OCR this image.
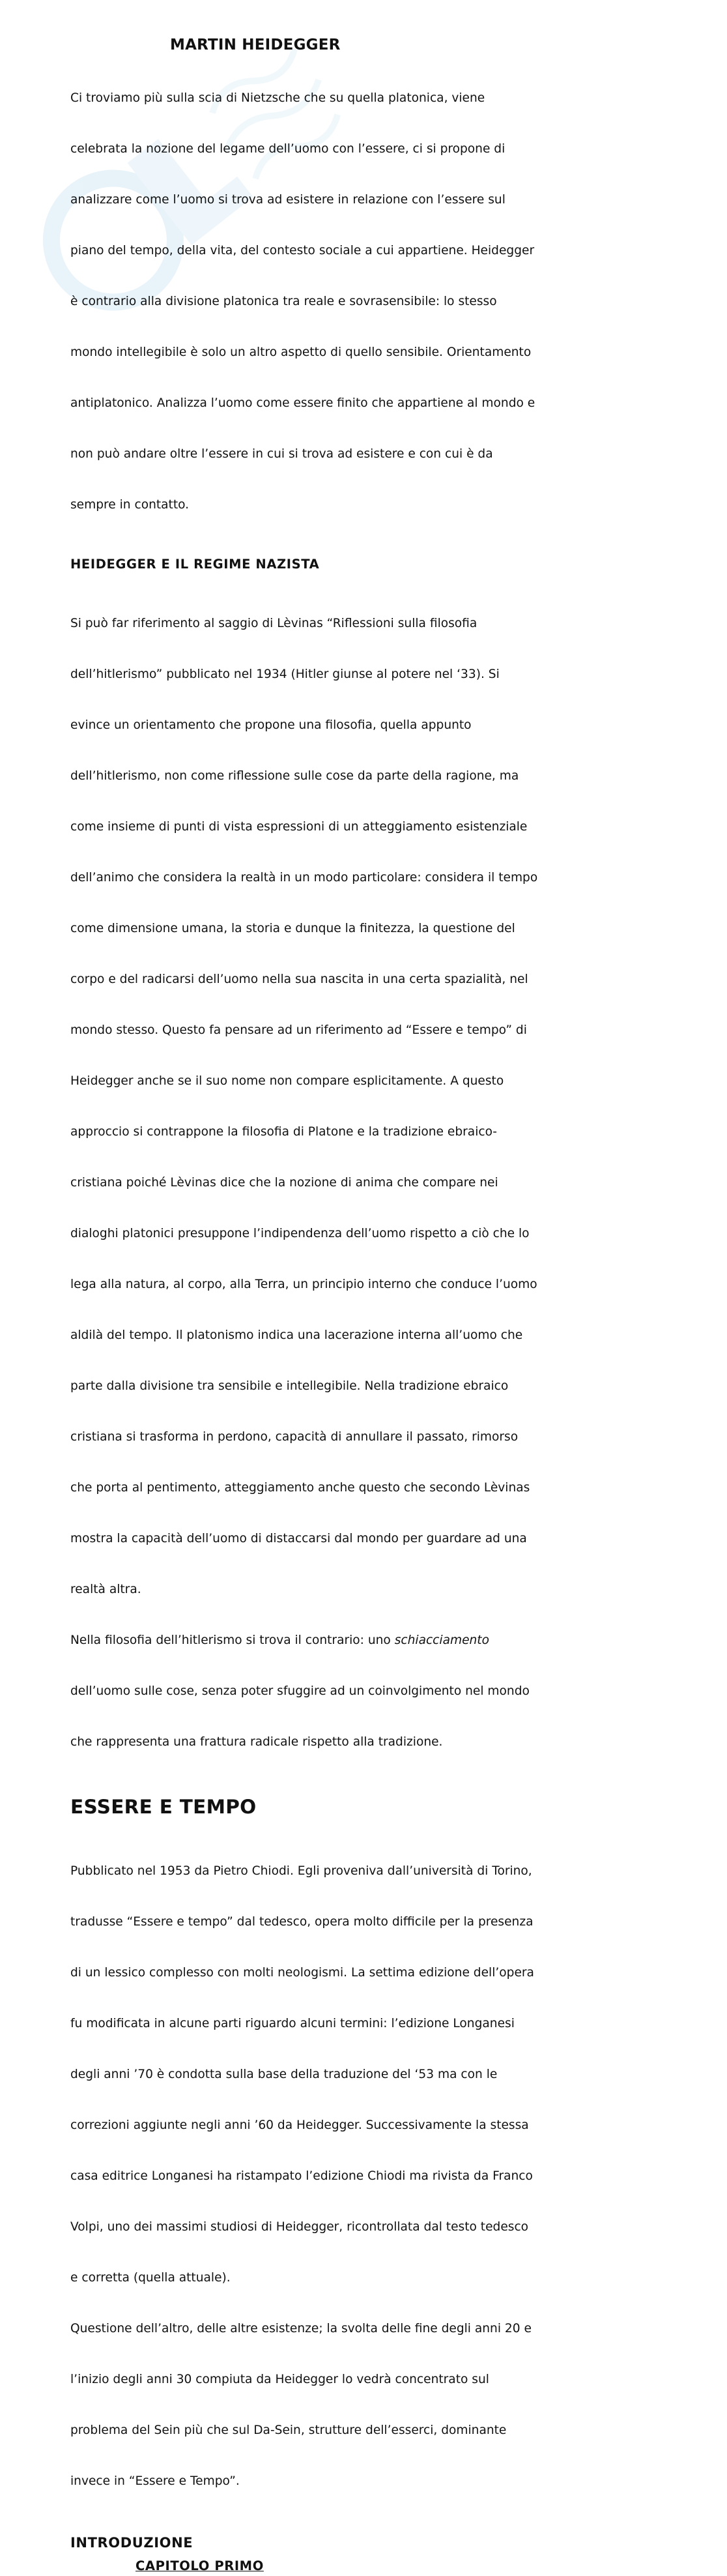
MARTIN HEIDEGGER

Ci troviamo più sulla scia di Nietzsche che su quella platonica, viene

celebrata la nozione del legame dell’uomo con l’essere, ci si propone di

analizzare come l’uomo si trova ad esistere in relazione con l’essere sul

piano del tempo, della vita, del contesto sociale a cui appartiene. Heidegger

è contrario alla divisione platonica tra reale e sovrasensibile: lo stesso

mondo intellegibile è solo un altro aspetto di quello sensibile. Orientamento

antiplatonico. Analizza l’uomo come essere finito che appartiene al mondo e

non può andare oltre l’essere in cui si trova ad esistere e con cui è da

sempre in contatto.

HEIDEGGER E IL REGIME NAZISTA

Si può far riferimento al saggio di Lèvinas “Riflessioni sulla filosofia

dell’hitlerismo” pubblicato nel 1934 (Hitler giunse al potere nel ‘33). Si

evince un orientamento che propone una filosofia, quella appunto

dell’hitlerismo, non come riflessione sulle cose da parte della ragione, ma

come insieme di punti di vista espressioni di un atteggiamento esistenziale

dell’animo che considera la realtà in un modo particolare: considera il tempo

come dimensione umana, la storia e dunque la finitezza, la questione del

corpo e del radicarsi dell’uomo nella sua nascita in una certa spazialità, nel

mondo stesso. Questo fa pensare ad un riferimento ad “Essere e tempo” di

Heidegger anche se il suo nome non compare esplicitamente. A questo

approccio si contrappone la filosofia di Platone e la tradizione ebraico-

cristiana poiché Lèvinas dice che la nozione di anima che compare nei

dialoghi platonici presuppone l’indipendenza dell’uomo rispetto a ciò che lo

lega alla natura, al corpo, alla Terra, un principio interno che conduce l’uomo

aldilà del tempo. Il platonismo indica una lacerazione interna all’uomo che

parte dalla divisione tra sensibile e intellegibile. Nella tradizione ebraico

cristiana si trasforma in perdono, capacità di annullare il passato, rimorso

che porta al pentimento, atteggiamento anche questo che secondo Lèvinas

mostra la capacità dell’uomo di distaccarsi dal mondo per guardare ad una

realtà altra.

Nella filosofia dell’hitlerismo si trova il contrario: uno schiacciamento

dell’uomo sulle cose, senza poter sfuggire ad un coinvolgimento nel mondo

che rappresenta una frattura radicale rispetto alla tradizione.

ESSERE E TEMPO

Pubblicato nel 1953 da Pietro Chiodi. Egli proveniva dall’università di Torino,

tradusse “Essere e tempo” dal tedesco, opera molto difficile per la presenza

di un lessico complesso con molti neologismi. La settima edizione dell’opera

fu modificata in alcune parti riguardo alcuni termini: l’edizione Longanesi

degli anni ’70 è condotta sulla base della traduzione del ‘53 ma con le

correzioni aggiunte negli anni ’60 da Heidegger. Successivamente la stessa

casa editrice Longanesi ha ristampato l’edizione Chiodi ma rivista da Franco

Volpi, uno dei massimi studiosi di Heidegger, ricontrollata dal testo tedesco

e corretta (quella attuale).

Questione dell’altro, delle altre esistenze; la svolta delle fine degli anni 20 e

l’inizio degli anni 30 compiuta da Heidegger lo vedrà concentrato sul

problema del Sein più che sul Da-Sein, strutture dell’esserci, dominante

invece in “Essere e Tempo”.

INTRODUZIONE
CAPITOLO PRIMO
